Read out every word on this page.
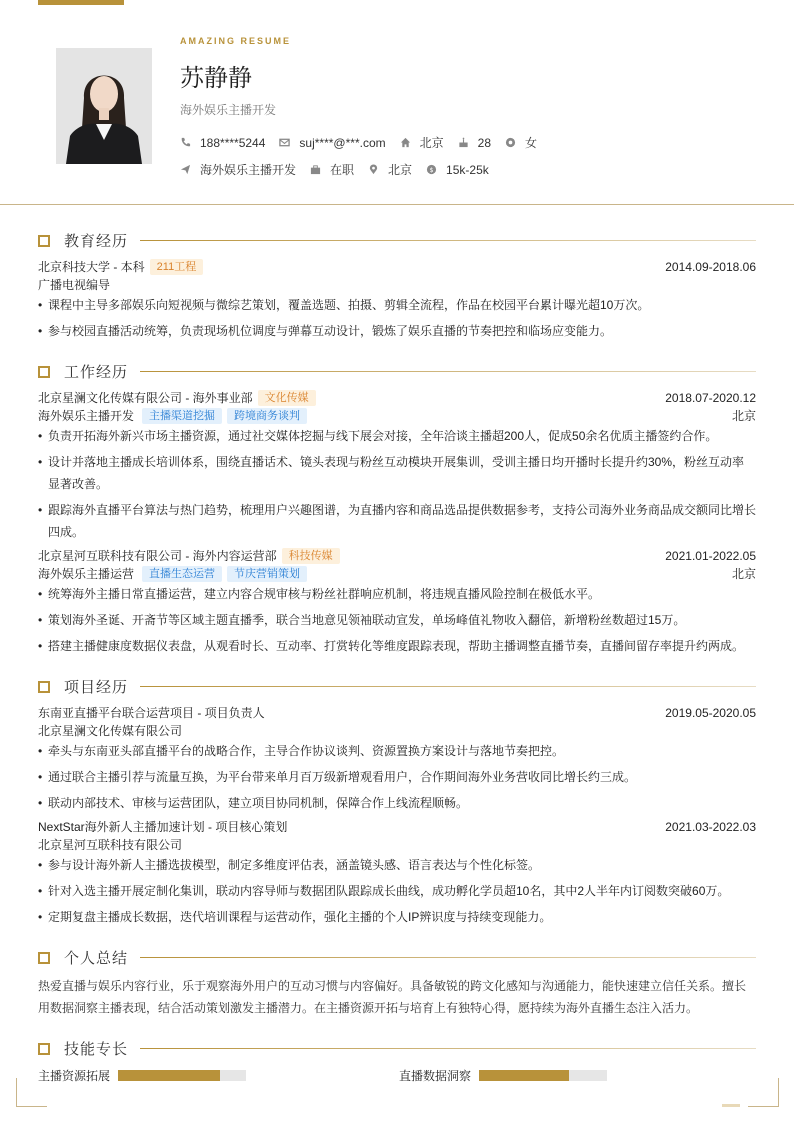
AMAZING RESUME
苏静静
海外娱乐主播开发
188****5244	suj****@***.com	北京	28	女
海外娱乐主播开发	在职	北京 $ 15k-25k
教育经历
北京科技大学 - 本科	211工程	2014.09-2018.06
广播电视编导
• 课程中主导多部娱乐向短视频与微综艺策划，覆盖选题、拍摄、剪辑全流程，作品在校园平台累计曝光超10万次。
• 参与校园直播活动统筹，负责现场机位调度与弹幕互动设计，锻炼了娱乐直播的节奏把控和临场应变能力。
工作经历
北京星澜文化传媒有限公司 - 海外事业部	文化传媒	2018.07-2020.12
海外娱乐主播开发	主播渠道挖掘	跨境商务谈判	北京
• 负责开拓海外新兴市场主播资源，通过社交媒体挖掘与线下展会对接，全年洽谈主播超200人，促成50余名优质主播签约合作。
• 设计并落地主播成长培训体系，围绕直播话术、镜头表现与粉丝互动模块开展集训，受训主播日均开播时长提升约30%，粉丝互动率显著改善。
• 跟踪海外直播平台算法与热门趋势，梳理用户兴趣图谱，为直播内容和商品选品提供数据参考，支持公司海外业务商品成交额同比增长四成。
北京星河互联科技有限公司 - 海外内容运营部	科技传媒	2021.01-2022.05
海外娱乐主播运营	直播生态运营	节庆营销策划	北京
• 统筹海外主播日常直播运营，建立内容合规审核与粉丝社群响应机制，将违规直播风险控制在极低水平。
• 策划海外圣诞、开斋节等区域主题直播季，联合当地意见领袖联动宣发，单场峰值礼物收入翻倍，新增粉丝数超过15万。
• 搭建主播健康度数据仪表盘，从观看时长、互动率、打赏转化等维度跟踪表现，帮助主播调整直播节奏，直播间留存率提升约两成。
项目经历
东南亚直播平台联合运营项目 - 项目负责人	2019.05-2020.05
北京星澜文化传媒有限公司
• 牵头与东南亚头部直播平台的战略合作，主导合作协议谈判、资源置换方案设计与落地节奏把控。
• 通过联合主播引荐与流量互换，为平台带来单月百万级新增观看用户，合作期间海外业务营收同比增长约三成。
• 联动内部技术、审核与运营团队，建立项目协同机制，保障合作上线流程顺畅。
NextStar海外新人主播加速计划 - 项目核心策划	2021.03-2022.03
北京星河互联科技有限公司
• 参与设计海外新人主播选拔模型，制定多维度评估表，涵盖镜头感、语言表达与个性化标签。
• 针对入选主播开展定制化集训，联动内容导师与数据团队跟踪成长曲线，成功孵化学员超10名，其中2人半年内订阅数突破60万。
• 定期复盘主播成长数据，迭代培训课程与运营动作，强化主播的个人IP辨识度与持续变现能力。
个人总结
热爱直播与娱乐内容行业，乐于观察海外用户的互动习惯与内容偏好。具备敏锐的跨文化感知与沟通能力，能快速建立信任关系。擅长用数据洞察主播表现，结合活动策划激发主播潜力。在主播资源开拓与培育上有独特心得，愿持续为海外直播生态注入活力。
技能专长
主播资源拓展	直播数据洞察
